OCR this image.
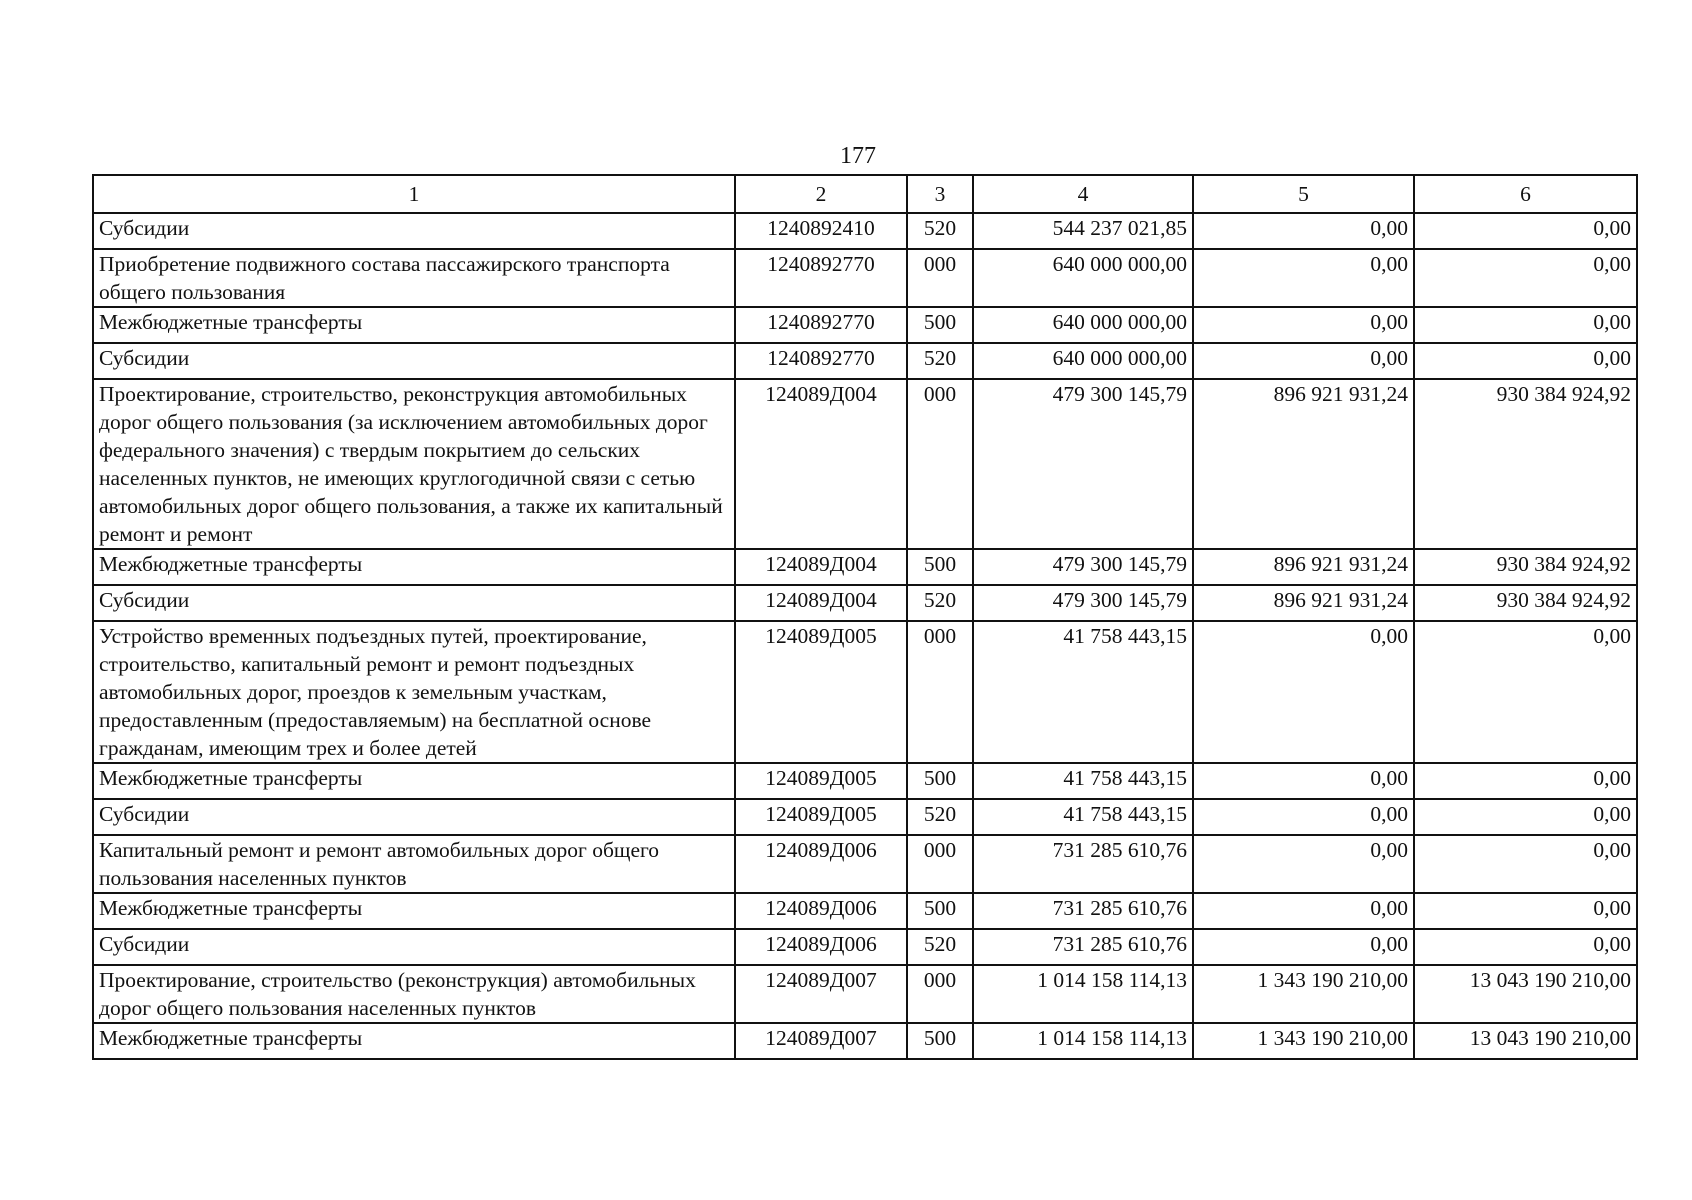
177
1	2	3	4	5	6
Субсидии	1240892410	520	544 237 021,85	0,00	0,00
Приобретение подвижного состава пассажирского транспорта общего пользования	1240892770	000	640 000 000,00	0,00	0,00
Межбюджетные трансферты	1240892770	500	640 000 000,00	0,00	0,00
Субсидии	1240892770	520	640 000 000,00	0,00	0,00
Проектирование, строительство, реконструкция автомобильных дорог общего пользования (за исключением автомобильных дорог федерального значения) с твердым покрытием до сельских населенных пунктов, не имеющих круглогодичной связи с сетью автомобильных дорог общего пользования, а также их капитальный ремонт и ремонт	124089Д004	000	479 300 145,79	896 921 931,24	930 384 924,92
Межбюджетные трансферты	124089Д004	500	479 300 145,79	896 921 931,24	930 384 924,92
Субсидии	124089Д004	520	479 300 145,79	896 921 931,24	930 384 924,92
Устройство временных подъездных путей, проектирование, строительство, капитальный ремонт и ремонт подъездных автомобильных дорог, проездов к земельным участкам, предоставленным (предоставляемым) на бесплатной основе гражданам, имеющим трех и более детей	124089Д005	000	41 758 443,15	0,00	0,00
Межбюджетные трансферты	124089Д005	500	41 758 443,15	0,00	0,00
Субсидии	124089Д005	520	41 758 443,15	0,00	0,00
Капитальный ремонт и ремонт автомобильных дорог общего пользования населенных пунктов	124089Д006	000	731 285 610,76	0,00	0,00
Межбюджетные трансферты	124089Д006	500	731 285 610,76	0,00	0,00
Субсидии	124089Д006	520	731 285 610,76	0,00	0,00
Проектирование, строительство (реконструкция) автомобильных дорог общего пользования населенных пунктов	124089Д007	000	1 014 158 114,13	1 343 190 210,00	13 043 190 210,00
Межбюджетные трансферты	124089Д007	500	1 014 158 114,13	1 343 190 210,00	13 043 190 210,00
